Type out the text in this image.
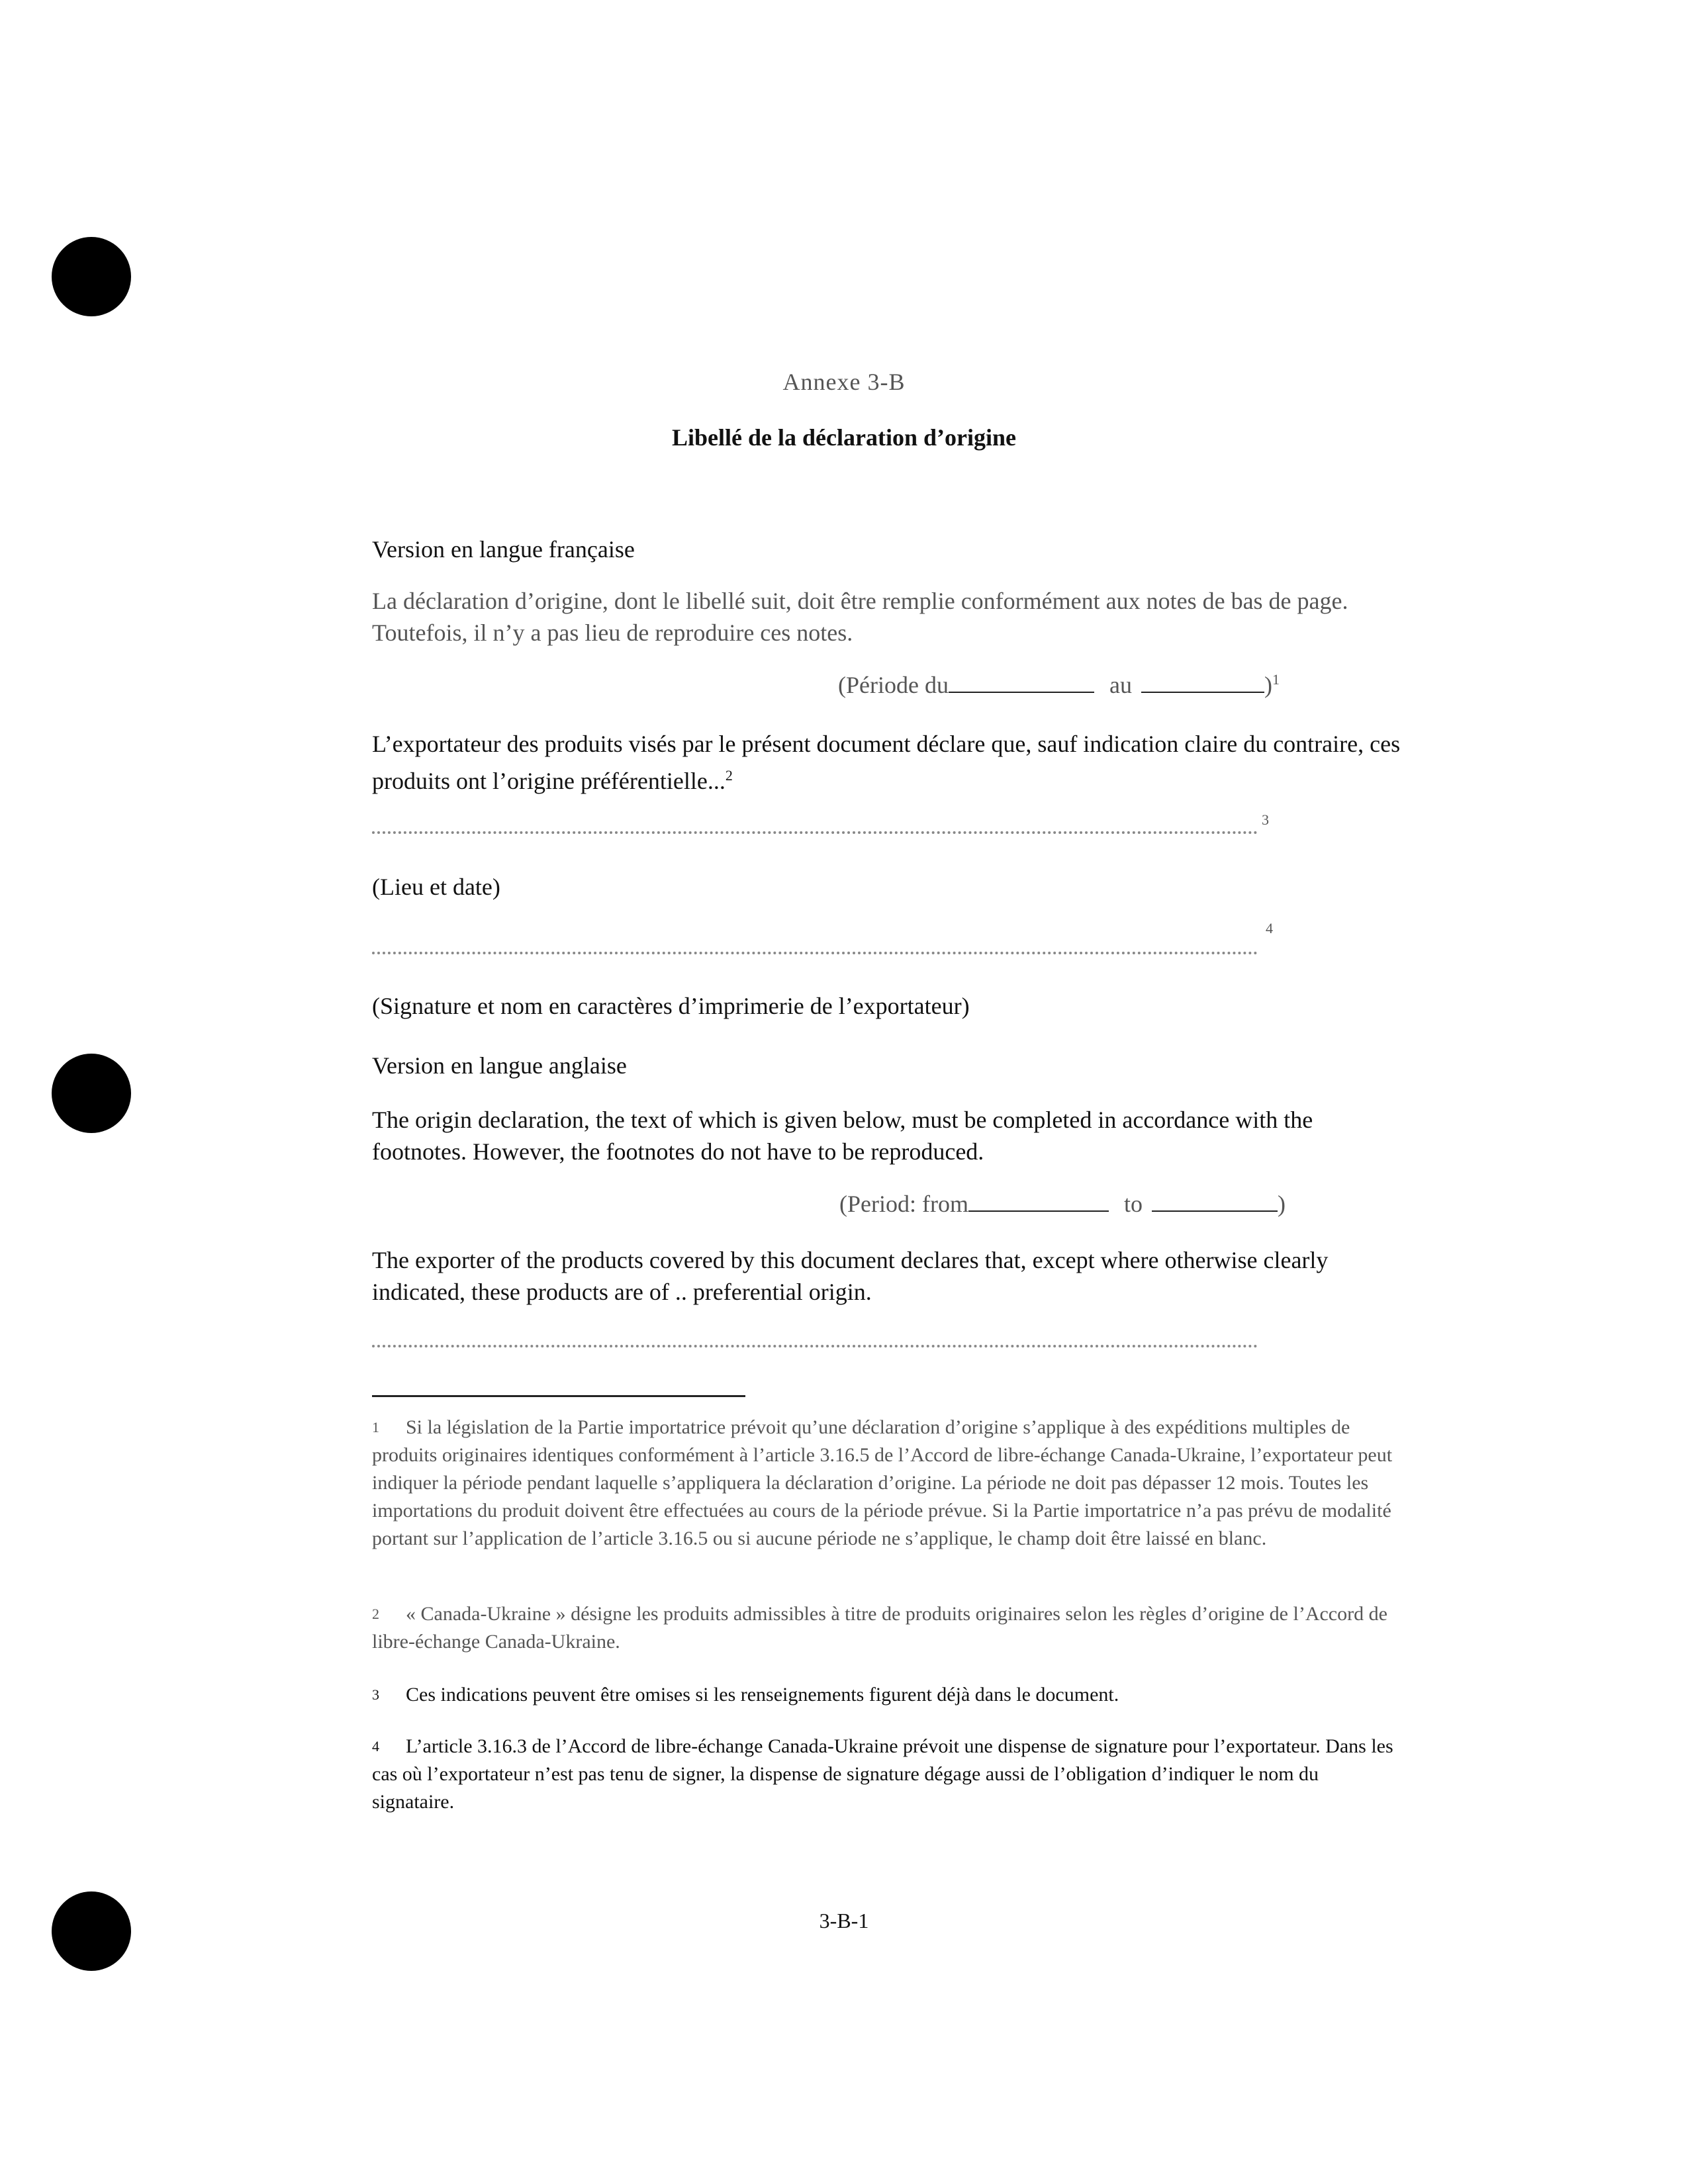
Annexe 3-B
Libellé de la déclaration d’origine
Version en langue française
La déclaration d’origine, dont le libellé suit, doit être remplie conformément aux notes de bas de page. Toutefois, il n’y a pas lieu de reproduire ces notes.
(Période du	au	)$^1$
L’exportateur des produits visés par le présent document déclare que, sauf indication claire du contraire, ces produits ont l’origine préférentielle...$^2$
3
(Lieu et date)
4
(Signature et nom en caractères d’imprimerie de l’exportateur)
Version en langue anglaise
The origin declaration, the text of which is given below, must be completed in accordance with the footnotes. However, the footnotes do not have to be reproduced.
(Period: from	to	)
The exporter of the products covered by this document declares that, except where otherwise clearly indicated, these products are of .. preferential origin.
$^1$ Si la législation de la Partie importatrice prévoit qu’une déclaration d’origine s’applique à des expéditions multiples de produits originaires identiques conformément à l’article 3.16.5 de l’Accord de libre-échange Canada-Ukraine, l’exportateur peut indiquer la période pendant laquelle s’appliquera la déclaration d’origine. La période ne doit pas dépasser 12 mois. Toutes les importations du produit doivent être effectuées au cours de la période prévue. Si la Partie importatrice n’a pas prévu de modalité portant sur l’application de l’article 3.16.5 ou si aucune période ne s’applique, le champ doit être laissé en blanc.
$^2$ « Canada-Ukraine » désigne les produits admissibles à titre de produits originaires selon les règles d’origine de l’Accord de libre-échange Canada-Ukraine.
$^3$ Ces indications peuvent être omises si les renseignements figurent déjà dans le document.
$^4$ L’article 3.16.3 de l’Accord de libre-échange Canada-Ukraine prévoit une dispense de signature pour l’exportateur. Dans les cas où l’exportateur n’est pas tenu de signer, la dispense de signature dégage aussi de l’obligation d’indiquer le nom du signataire.
3-B-1
